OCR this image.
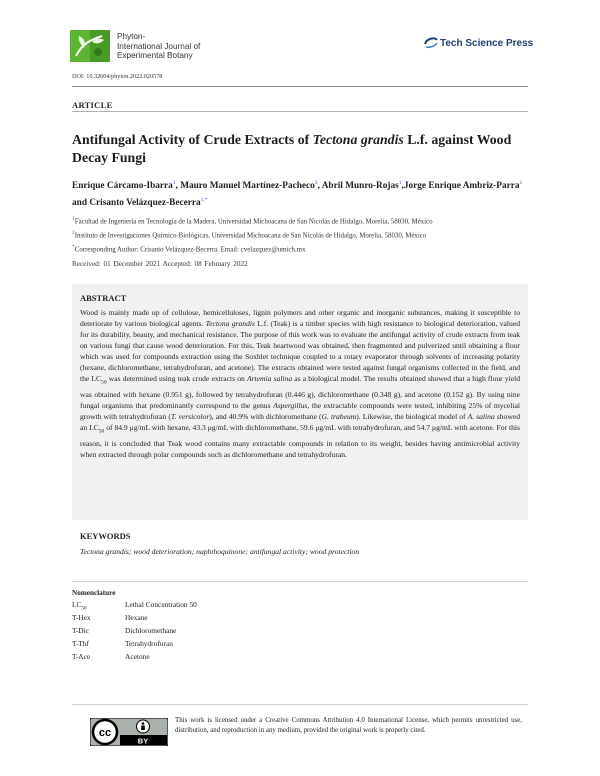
Phyton-
International Journal of
Experimental Botany
Tech Science Press
DOI: 10.32604/phyton.2022.020578
ARTICLE
Antifungal Activity of Crude Extracts of Tectona grandis L.f. against Wood Decay Fungi
Enrique Cárcamo-Ibarra$^1$, Mauro Manuel Martínez-Pacheco$^2$, Abril Munro-Rojas$^1$,Jorge Enrique Ambriz-Parra$^1$ and Crisanto Velázquez-Becerra$^{1,*}$
$^1$Facultad de Ingeniería en Tecnología de la Madera, Universidad Michoacana de San Nicolás de Hidalgo, Morelia, 58030, México
$^2$Instituto de Investigaciones Químico-Biológicas, Universidad Michoacana de San Nicolás de Hidalgo, Morelia, 58030, México
*Corresponding Author: Crisanto Velázquez-Becerra. Email: cvelazquez@umich.mx
Received: 01 December 2021 Accepted: 08 February 2022
ABSTRACT
Wood is mainly made up of cellulose, hemicelluloses, lignin polymers and other organic and inorganic substances, making it susceptible to deteriorate by various biological agents. Tectona grandis L.f. (Teak) is a timber species with high resistance to biological deterioration, valued for its durability, beauty, and mechanical resistance. The purpose of this work was to evaluate the antifungal activity of crude extracts from teak on various fungi that cause wood deterioration. For this, Teak heartwood was obtained, then fragmented and pulverized until obtaining a flour which was used for compounds extraction using the Soxhlet technique coupled to a rotary evaporator through solvents of increasing polarity (hexane, dichloromethane, tetrahydrofuran, and acetone). The extracts obtained were tested against fungal organisms collected in the field, and the $LC_{50}$ was determined using teak crude extracts on Artemia salina as a biological model. The results obtained showed that a high flour yield was obtained with hexane (0.951 g), followed by tetrahydrofuran (0.446 g), dichloromethane (0.348 g), and acetone (0.152 g). By using nine fungal organisms that predominantly correspond to the genus Aspergillus, the extractable compounds were tested, inhibiting 25% of mycelial growth with tetrahydrofuran (T. versicolor), and 40.9% with dichloromethane (G. trabeum). Likewise, the biological model of A. salina showed an $LC_{50}$ of 84.9 μg/mL with hexane, 43.3 μg/mL with dichloromethane, 59.6 μg/mL with tetrahydrofuran, and 54.7 μg/mL with acetone. For this reason, it is concluded that Teak wood contains many extractable compounds in relation to its weight, besides having antimicrobial activity when extracted through polar compounds such as dichloromethane and tetrahydrofuran.
KEYWORDS
Tectona grandis; wood deterioration; naphthoquinone; antifungal activity; wood protection
Nomenclature
$LC_{50}$	Lethal Concentration 50
T-Hex	Hexane
T-Dic	Dichloromethane
T-Thf	Tetrahydrofuran
T-Ace	Acetone
cc
BY
This work is licensed under a Creative Commons Attribution 4.0 International License, which permits unrestricted use, distribution, and reproduction in any medium, provided the original work is properly cited.
